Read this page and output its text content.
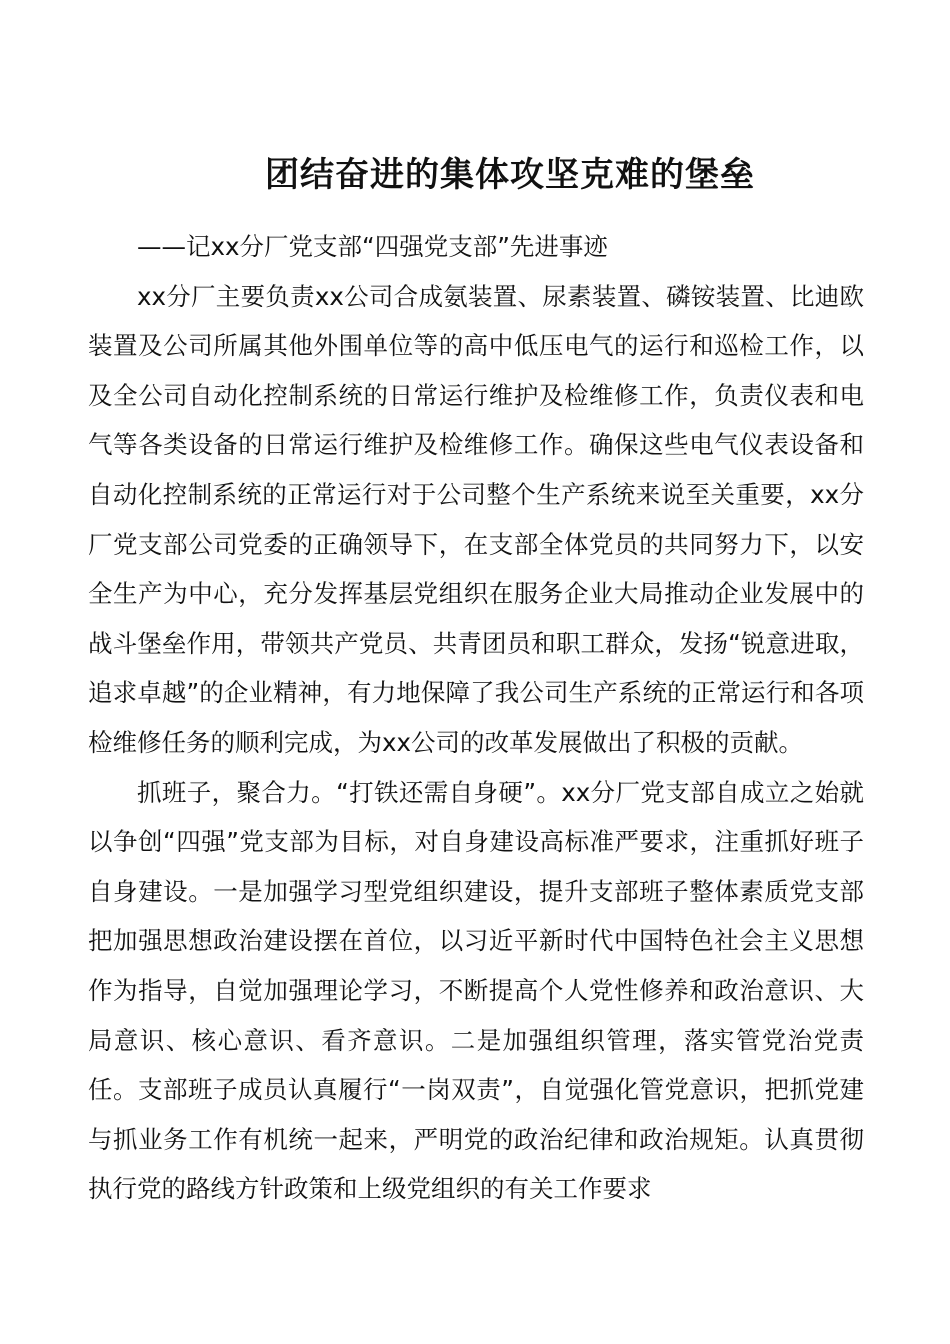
团结奋进的集体攻坚克难的堡垒

——记xx分厂党支部“四强党支部”先进事迹

xx分厂主要负责xx公司合成氨装置、尿素装置、磷铵装置、比迪欧装置及公司所属其他外围单位等的高中低压电气的运行和巡检工作，以及全公司自动化控制系统的日常运行维护及检维修工作，负责仪表和电气等各类设备的日常运行维护及检维修工作。确保这些电气仪表设备和自动化控制系统的正常运行对于公司整个生产系统来说至关重要，xx分厂党支部公司党委的正确领导下，在支部全体党员的共同努力下，以安全生产为中心，充分发挥基层党组织在服务企业大局推动企业发展中的战斗堡垒作用，带领共产党员、共青团员和职工群众，发扬“锐意进取，追求卓越”的企业精神，有力地保障了我公司生产系统的正常运行和各项检维修任务的顺利完成，为xx公司的改革发展做出了积极的贡献。

抓班子，聚合力。“打铁还需自身硬”。xx分厂党支部自成立之始就以争创“四强”党支部为目标，对自身建设高标准严要求，注重抓好班子自身建设。一是加强学习型党组织建设，提升支部班子整体素质党支部把加强思想政治建设摆在首位，以习近平新时代中国特色社会主义思想作为指导，自觉加强理论学习，不断提高个人党性修养和政治意识、大局意识、核心意识、看齐意识。二是加强组织管理，落实管党治党责任。支部班子成员认真履行“一岗双责”，自觉强化管党意识，把抓党建与抓业务工作有机统一起来，严明党的政治纪律和政治规矩。认真贯彻执行党的路线方针政策和上级党组织的有关工作要求
